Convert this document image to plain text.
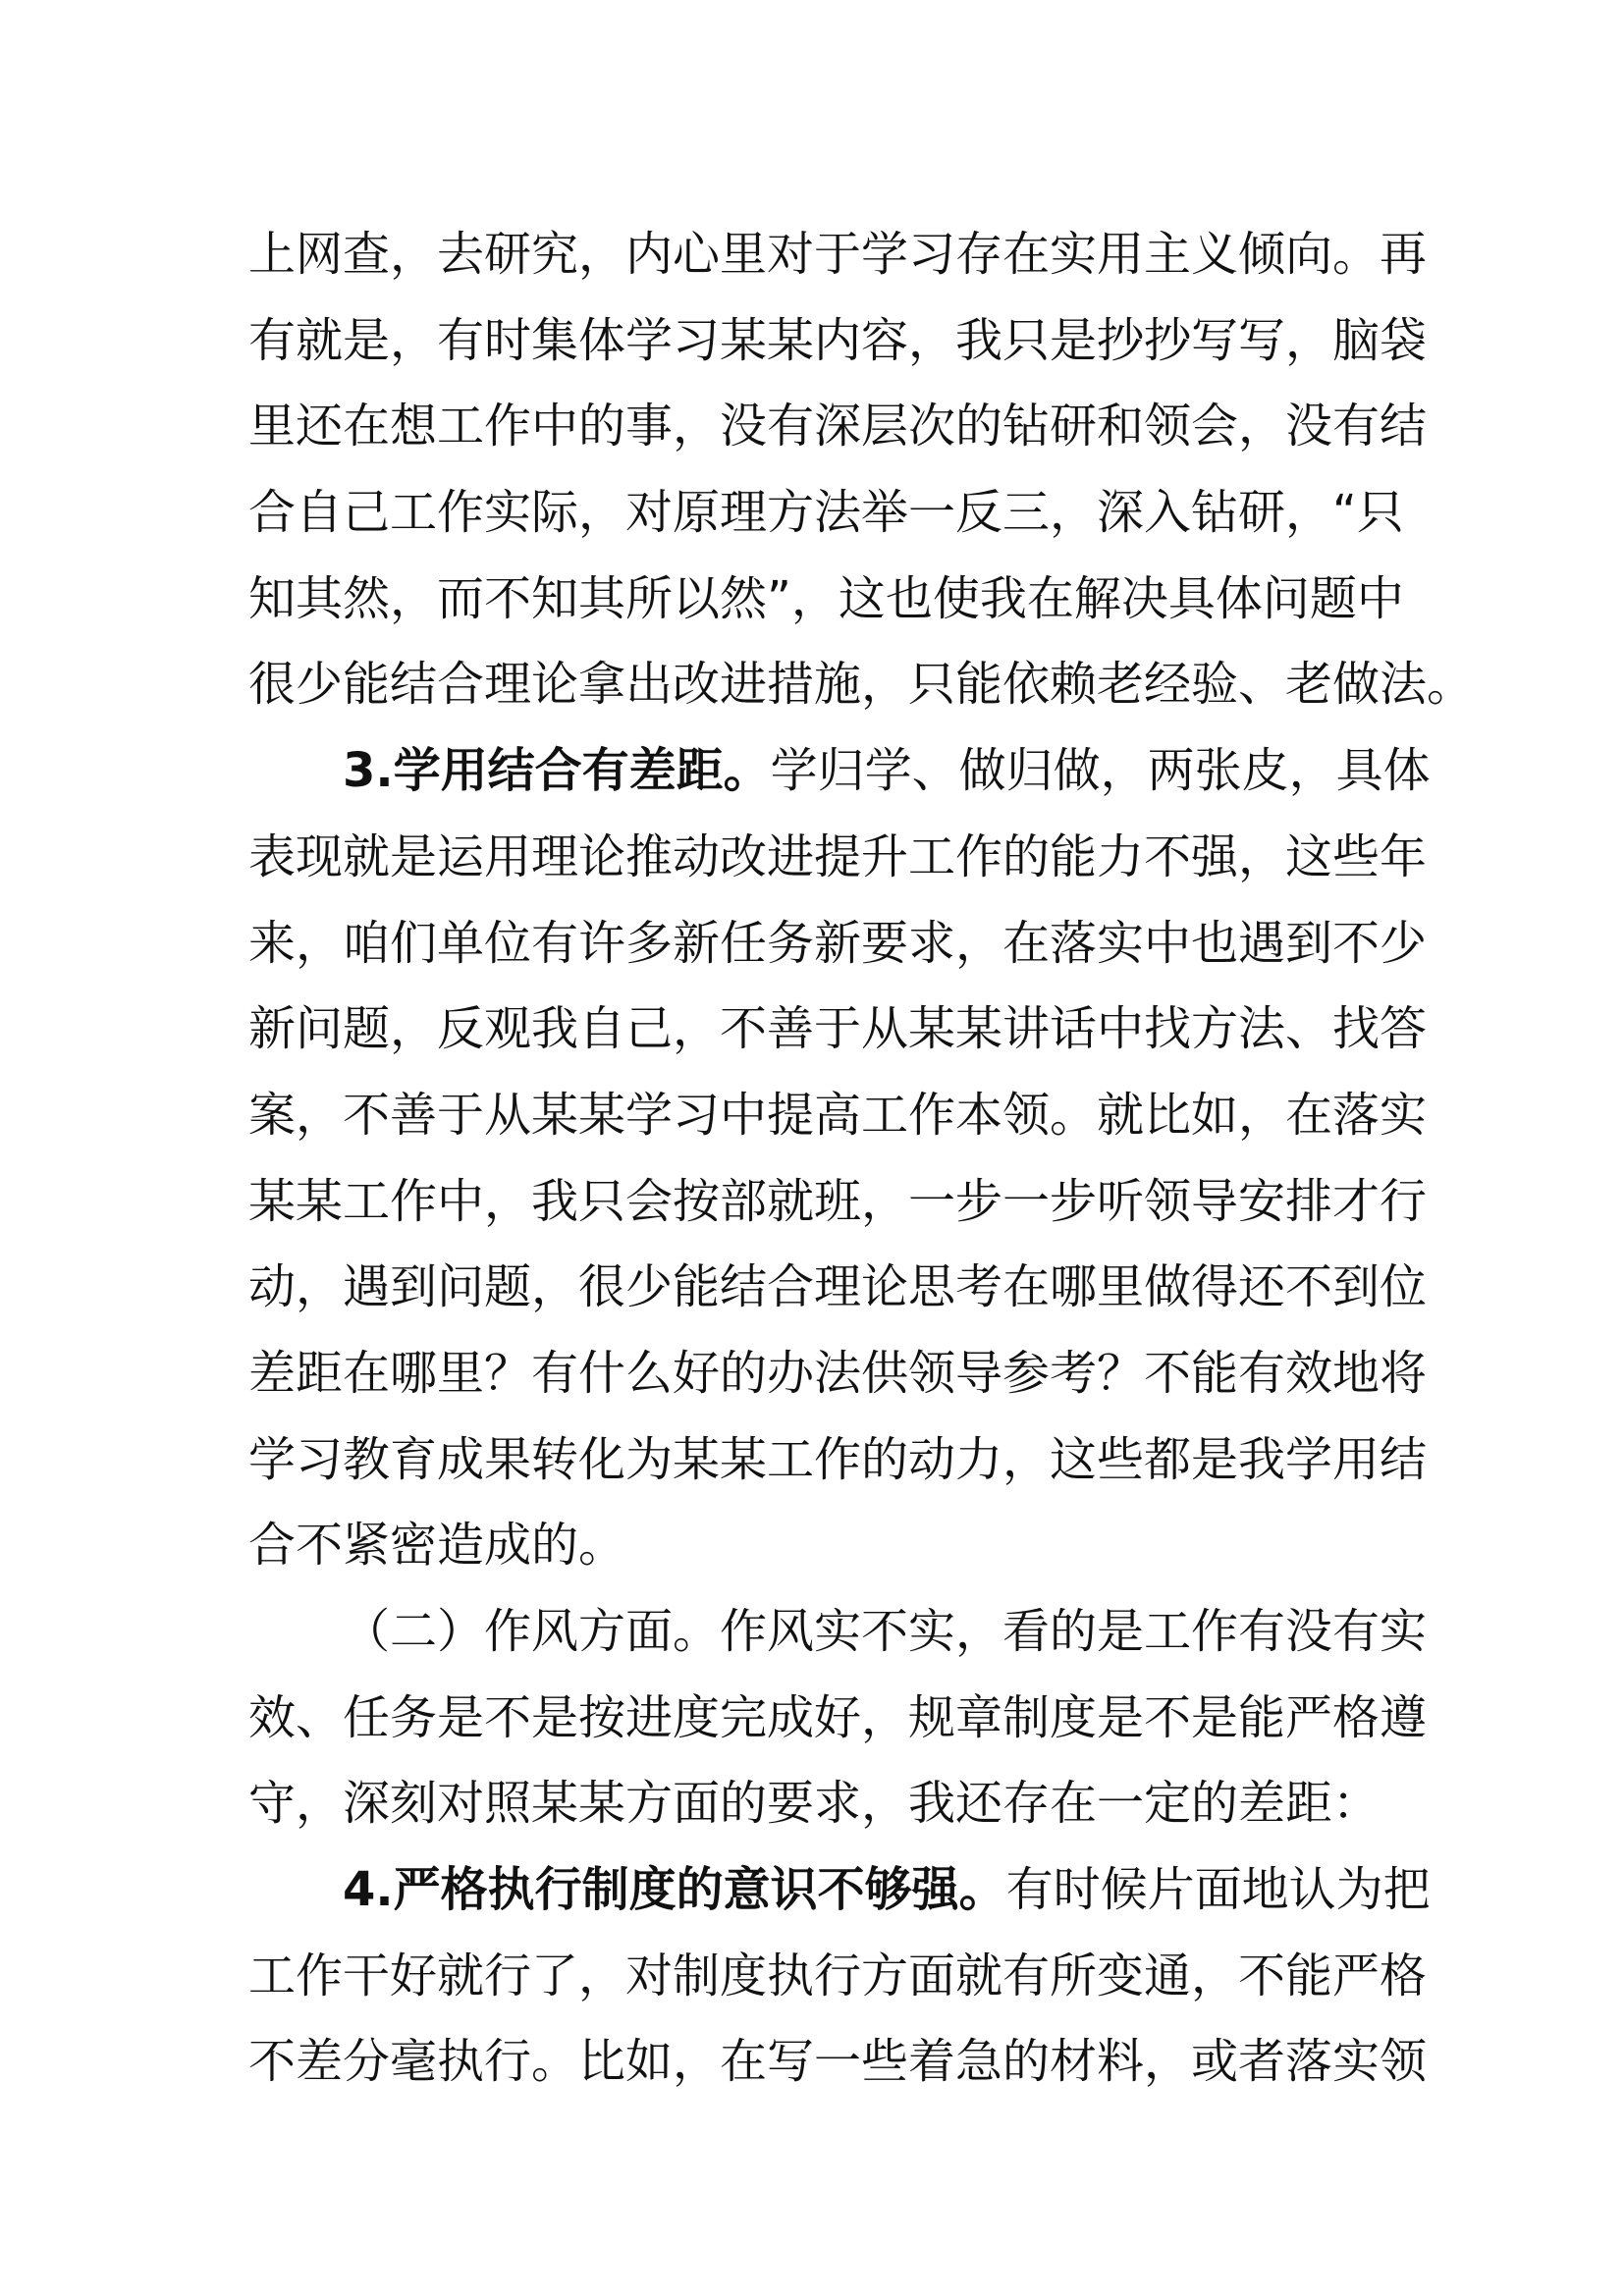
上网查，去研究，内心里对于学习存在实用主义倾向。再
有就是，有时集体学习某某内容，我只是抄抄写写，脑袋
里还在想工作中的事，没有深层次的钻研和领会，没有结
合自己工作实际，对原理方法举一反三，深入钻研，“只
知其然，而不知其所以然”，这也使我在解决具体问题中
很少能结合理论拿出改进措施，只能依赖老经验、老做法。
3.学用结合有差距。学归学、做归做，两张皮，具体
表现就是运用理论推动改进提升工作的能力不强，这些年
来，咱们单位有许多新任务新要求，在落实中也遇到不少
新问题，反观我自己，不善于从某某讲话中找方法、找答
案，不善于从某某学习中提高工作本领。就比如，在落实
某某工作中，我只会按部就班，一步一步听领导安排才行
动，遇到问题，很少能结合理论思考在哪里做得还不到位
差距在哪里？有什么好的办法供领导参考？不能有效地将
学习教育成果转化为某某工作的动力，这些都是我学用结
合不紧密造成的。
（二）作风方面。作风实不实，看的是工作有没有实
效、任务是不是按进度完成好，规章制度是不是能严格遵
守，深刻对照某某方面的要求，我还存在一定的差距：
4.严格执行制度的意识不够强。有时候片面地认为把
工作干好就行了，对制度执行方面就有所变通，不能严格
不差分毫执行。比如，在写一些着急的材料，或者落实领
